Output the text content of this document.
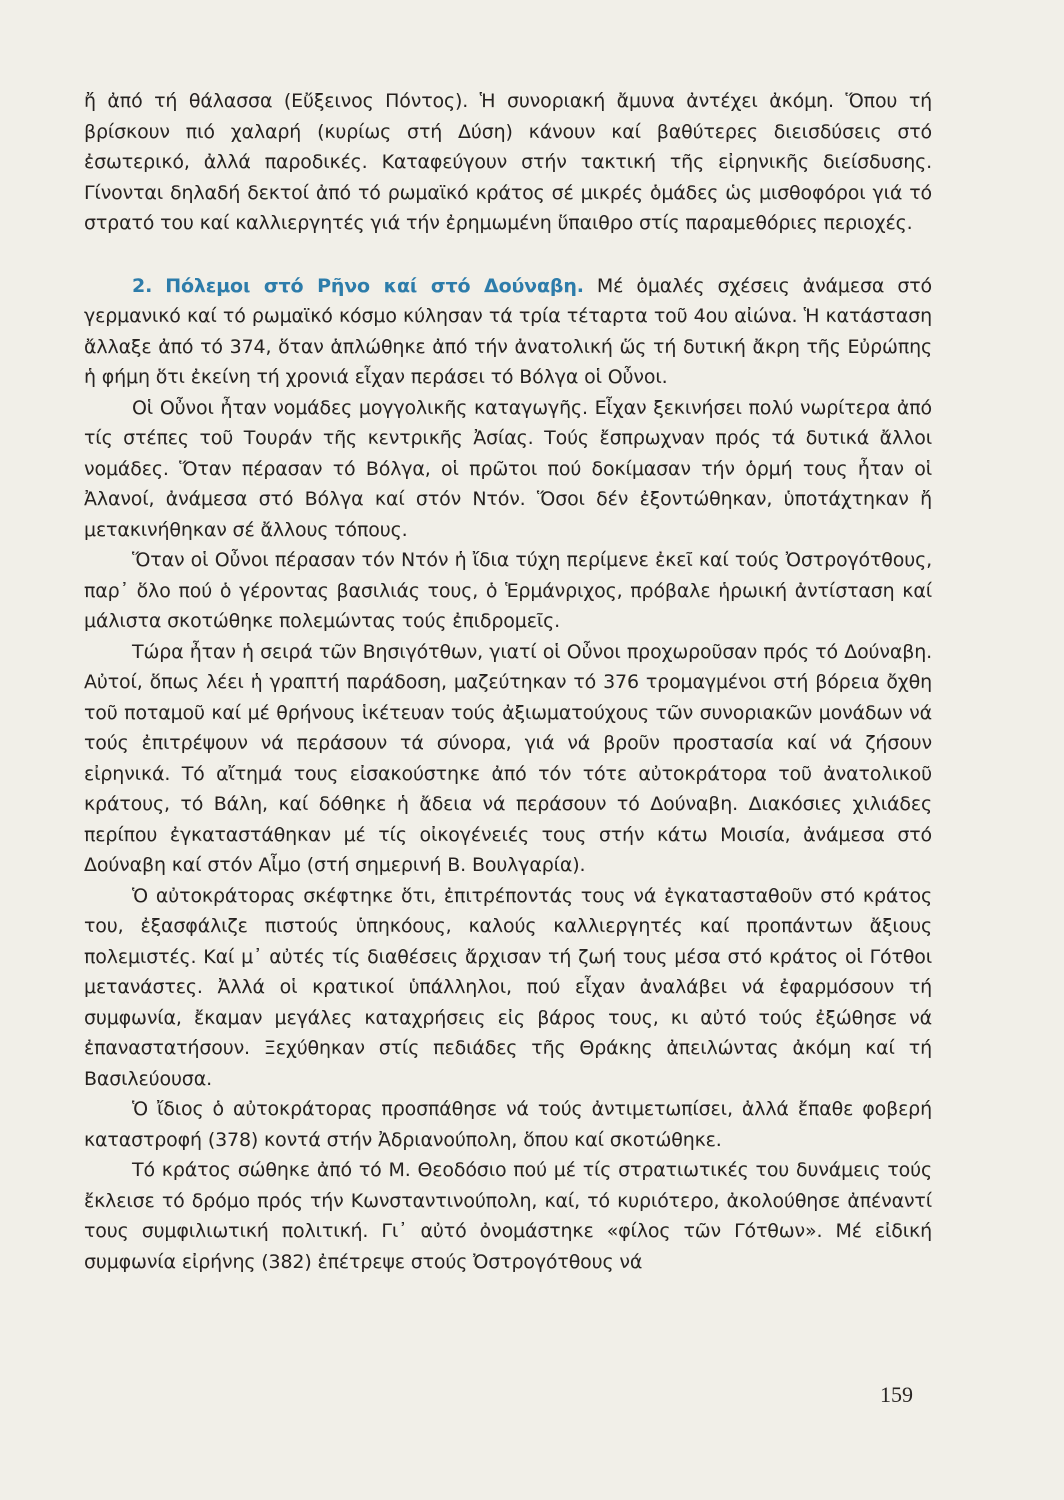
ἤ ἀπό τή θάλασσα (Εὔξεινος Πόντος). Ἡ συνοριακή ἄμυνα ἀντέχει ἀκόμη. Ὅπου τή βρίσκουν πιό χαλαρή (κυρίως στή Δύση) κάνουν καί βαθύτερες διεισδύσεις στό ἐσωτερικό, ἀλλά παροδικές. Καταφεύγουν στήν τακτική τῆς εἰρηνικῆς διείσδυσης. Γίνονται δηλαδή δεκτοί ἀπό τό ρωμαϊκό κράτος σέ μικρές ὁμάδες ὡς μισθοφόροι γιά τό στρατό του καί καλλιεργητές γιά τήν ἐρημωμένη ὕπαιθρο στίς παραμεθόριες περιοχές.

2. Πόλεμοι στό Ρῆνο καί στό Δούναβη. Μέ ὁμαλές σχέσεις ἀνάμεσα στό γερμανικό καί τό ρωμαϊκό κόσμο κύλησαν τά τρία τέταρτα τοῦ 4ου αἰώνα. Ἡ κατάσταση ἄλλαξε ἀπό τό 374, ὅταν ἁπλώθηκε ἀπό τήν ἀνατολική ὥς τή δυτική ἄκρη τῆς Εὐρώπης ἡ φήμη ὅτι ἐκείνη τή χρονιά εἶχαν περάσει τό Βόλγα οἱ Οὖνοι.

Οἱ Οὖνοι ἦταν νομάδες μογγολικῆς καταγωγῆς. Εἶχαν ξεκινήσει πολύ νωρίτερα ἀπό τίς στέπες τοῦ Τουράν τῆς κεντρικῆς Ἀσίας. Τούς ἔσπρωχναν πρός τά δυτικά ἄλλοι νομάδες. Ὅταν πέρασαν τό Βόλγα, οἱ πρῶτοι πού δοκίμασαν τήν ὁρμή τους ἦταν οἱ Ἀλανοί, ἀνάμεσα στό Βόλγα καί στόν Ντόν. Ὅσοι δέν ἐξοντώθηκαν, ὑποτάχτηκαν ἤ μετακινήθηκαν σέ ἄλλους τόπους.

Ὅταν οἱ Οὖνοι πέρασαν τόν Ντόν ἡ ἴδια τύχη περίμενε ἐκεῖ καί τούς Ὀστρογότθους, παρ᾽ ὅλο πού ὁ γέροντας βασιλιάς τους, ὁ Ἑρμάνριχος, πρόβαλε ἡρωική ἀντίσταση καί μάλιστα σκοτώθηκε πολεμώντας τούς ἐπιδρομεῖς.

Τώρα ἦταν ἡ σειρά τῶν Βησιγότθων, γιατί οἱ Οὖνοι προχωροῦσαν πρός τό Δούναβη. Αὐτοί, ὅπως λέει ἡ γραπτή παράδοση, μαζεύτηκαν τό 376 τρομαγμένοι στή βόρεια ὄχθη τοῦ ποταμοῦ καί μέ θρήνους ἱκέτευαν τούς ἀξιωματούχους τῶν συνοριακῶν μονάδων νά τούς ἐπιτρέψουν νά περάσουν τά σύνορα, γιά νά βροῦν προστασία καί νά ζήσουν εἰρηνικά. Τό αἴτημά τους εἰσακούστηκε ἀπό τόν τότε αὐτοκράτορα τοῦ ἀνατολικοῦ κράτους, τό Βάλη, καί δόθηκε ἡ ἄδεια νά περάσουν τό Δούναβη. Διακόσιες χιλιάδες περίπου ἐγκαταστάθηκαν μέ τίς οἰκογένειές τους στήν κάτω Μοισία, ἀνάμεσα στό Δούναβη καί στόν Αἶμο (στή σημερινή Β. Βουλγαρία).

Ὁ αὐτοκράτορας σκέφτηκε ὅτι, ἐπιτρέποντάς τους νά ἐγκατασταθοῦν στό κράτος του, ἐξασφάλιζε πιστούς ὑπηκόους, καλούς καλλιεργητές καί προπάντων ἄξιους πολεμιστές. Καί μ᾽ αὐτές τίς διαθέσεις ἄρχισαν τή ζωή τους μέσα στό κράτος οἱ Γότθοι μετανάστες. Ἀλλά οἱ κρατικοί ὑπάλληλοι, πού εἶχαν ἀναλάβει νά ἐφαρμόσουν τή συμφωνία, ἔκαμαν μεγάλες καταχρήσεις εἰς βάρος τους, κι αὐτό τούς ἐξώθησε νά ἐπαναστατήσουν. Ξεχύθηκαν στίς πεδιάδες τῆς Θράκης ἀπειλώντας ἀκόμη καί τή Βασιλεύουσα.

Ὁ ἴδιος ὁ αὐτοκράτορας προσπάθησε νά τούς ἀντιμετωπίσει, ἀλλά ἔπαθε φοβερή καταστροφή (378) κοντά στήν Ἀδριανούπολη, ὅπου καί σκοτώθηκε.

Τό κράτος σώθηκε ἀπό τό Μ. Θεοδόσιο πού μέ τίς στρατιωτικές του δυνάμεις τούς ἔκλεισε τό δρόμο πρός τήν Κωνσταντινούπολη, καί, τό κυριότερο, ἀκολούθησε ἀπέναντί τους συμφιλιωτική πολιτική. Γι᾽ αὐτό ὀνομάστηκε «φίλος τῶν Γότθων». Μέ εἰδική συμφωνία εἰρήνης (382) ἐπέτρεψε στούς Ὀστρογότθους νά

159
